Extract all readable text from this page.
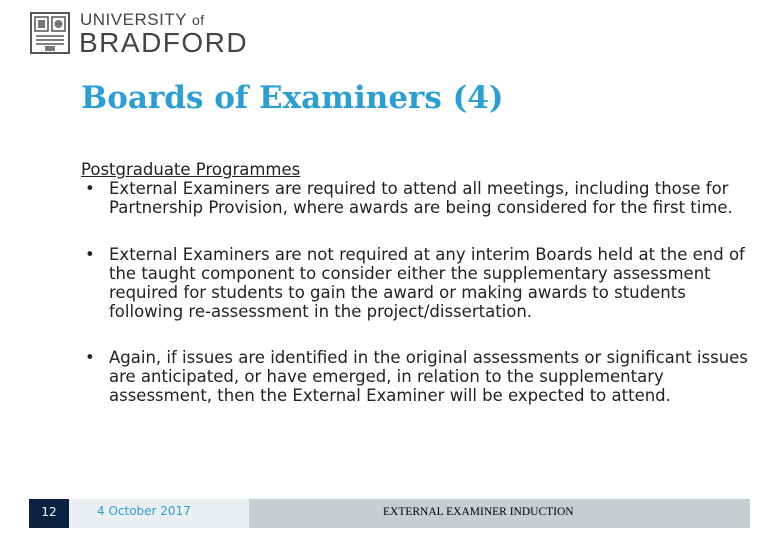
UNIVERSITY of
BRADFORD
Boards of Examiners (4)

Postgraduate Programmes

• External Examiners are required to attend all meetings, including those for Partnership Provision, where awards are being considered for the first time.

• External Examiners are not required at any interim Boards held at the end of the taught component to consider either the supplementary assessment required for students to gain the award or making awards to students following re-assessment in the project/dissertation.

• Again, if issues are identified in the original assessments or significant issues are anticipated, or have emerged, in relation to the supplementary assessment, then the External Examiner will be expected to attend.

12	4 October 2017	EXTERNAL EXAMINER INDUCTION
